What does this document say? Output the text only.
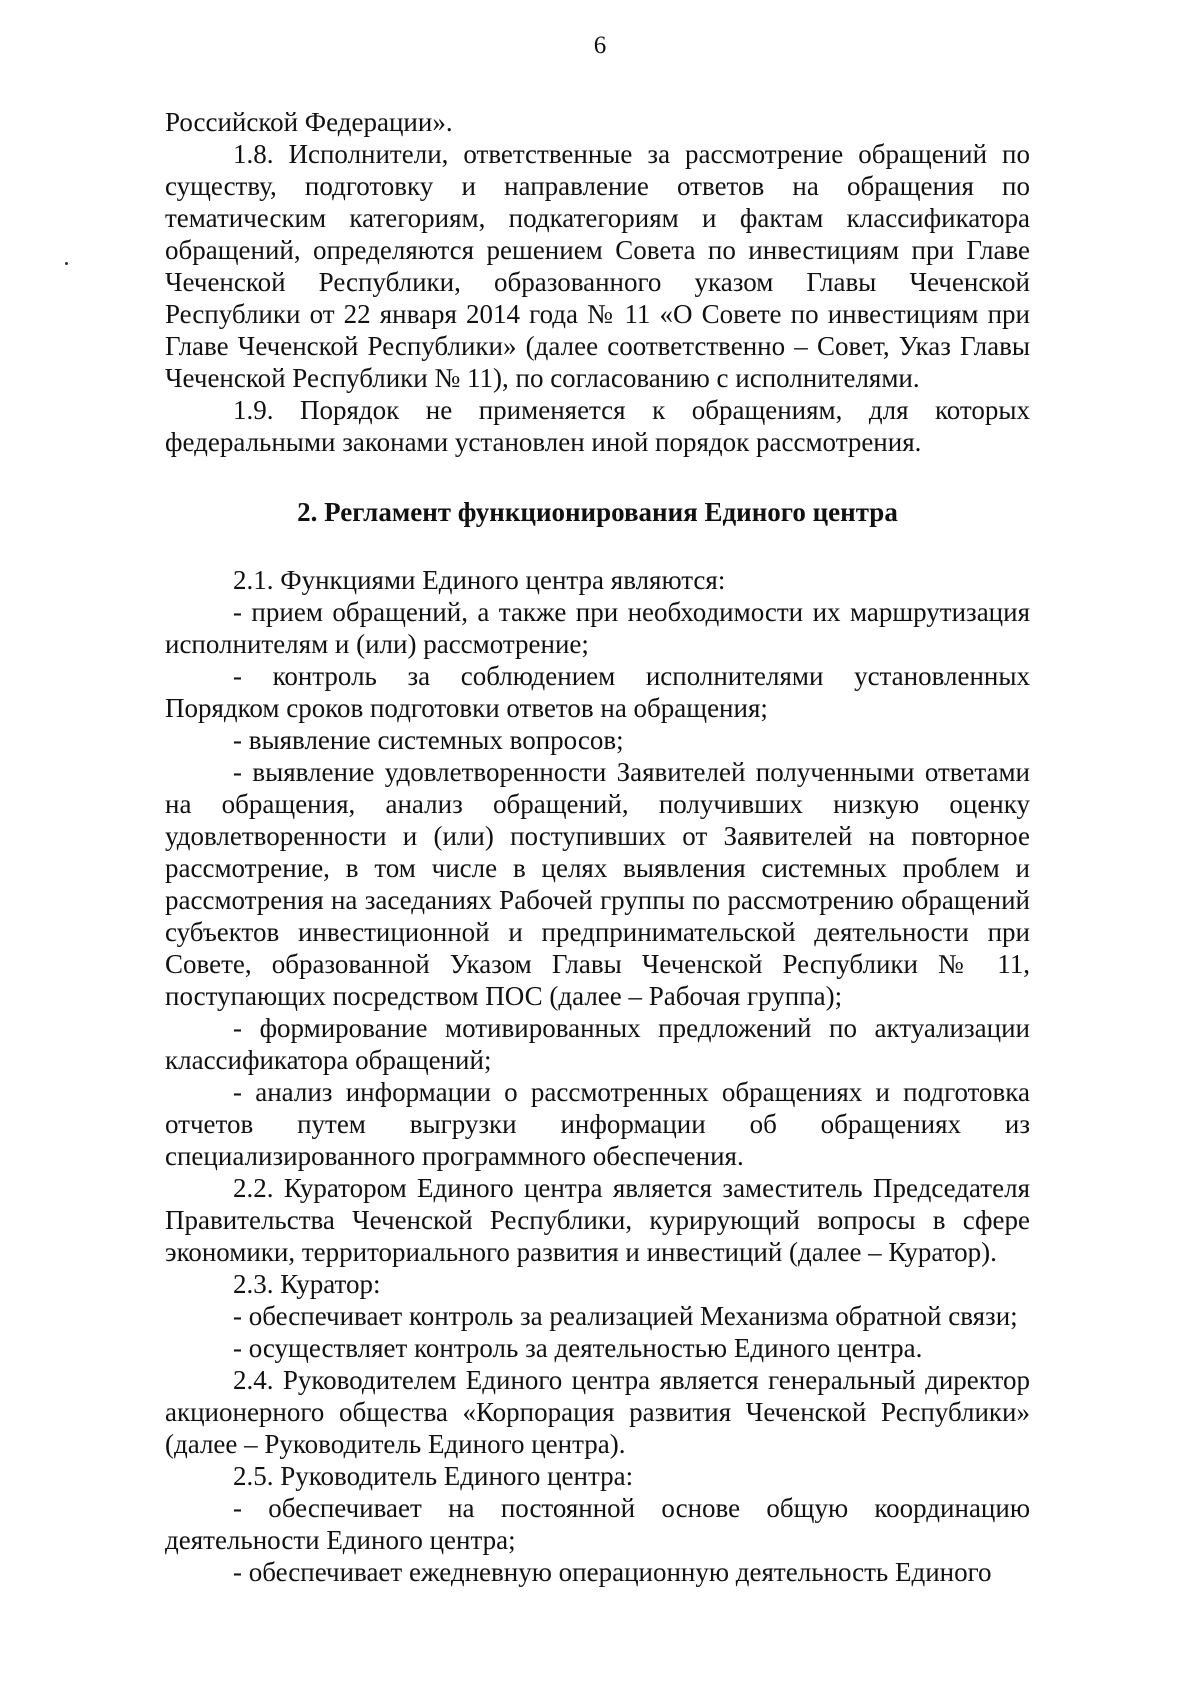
6

Российской Федерации».

1.8. Исполнители, ответственные за рассмотрение обращений по существу, подготовку и направление ответов на обращения по тематическим категориям, подкатегориям и фактам классификатора обращений, определяются решением Совета по инвестициям при Главе Чеченской Республики, образованного указом Главы Чеченской Республики от 22 января 2014 года № 11 «О Совете по инвестициям при Главе Чеченской Республики» (далее соответственно – Совет, Указ Главы Чеченской Республики № 11), по согласованию с исполнителями.

1.9. Порядок не применяется к обращениям, для которых федеральными законами установлен иной порядок рассмотрения.

2. Регламент функционирования Единого центра

2.1. Функциями Единого центра являются:

- прием обращений, а также при необходимости их маршрутизация исполнителям и (или) рассмотрение;

- контроль за соблюдением исполнителями установленных Порядком сроков подготовки ответов на обращения;

- выявление системных вопросов;

- выявление удовлетворенности Заявителей полученными ответами на обращения, анализ обращений, получивших низкую оценку удовлетворенности и (или) поступивших от Заявителей на повторное рассмотрение, в том числе в целях выявления системных проблем и рассмотрения на заседаниях Рабочей группы по рассмотрению обращений субъектов инвестиционной и предпринимательской деятельности при Совете, образованной Указом Главы Чеченской Республики № 11, поступающих посредством ПОС (далее – Рабочая группа);

- формирование мотивированных предложений по актуализации классификатора обращений;

- анализ информации о рассмотренных обращениях и подготовка отчетов путем выгрузки информации об обращениях из специализированного программного обеспечения.

2.2. Куратором Единого центра является заместитель Председателя Правительства Чеченской Республики, курирующий вопросы в сфере экономики, территориального развития и инвестиций (далее – Куратор).

2.3. Куратор:

- обеспечивает контроль за реализацией Механизма обратной связи;

- осуществляет контроль за деятельностью Единого центра.

2.4. Руководителем Единого центра является генеральный директор акционерного общества «Корпорация развития Чеченской Республики» (далее – Руководитель Единого центра).

2.5. Руководитель Единого центра:

- обеспечивает на постоянной основе общую координацию деятельности Единого центра;

- обеспечивает ежедневную операционную деятельность Единого
